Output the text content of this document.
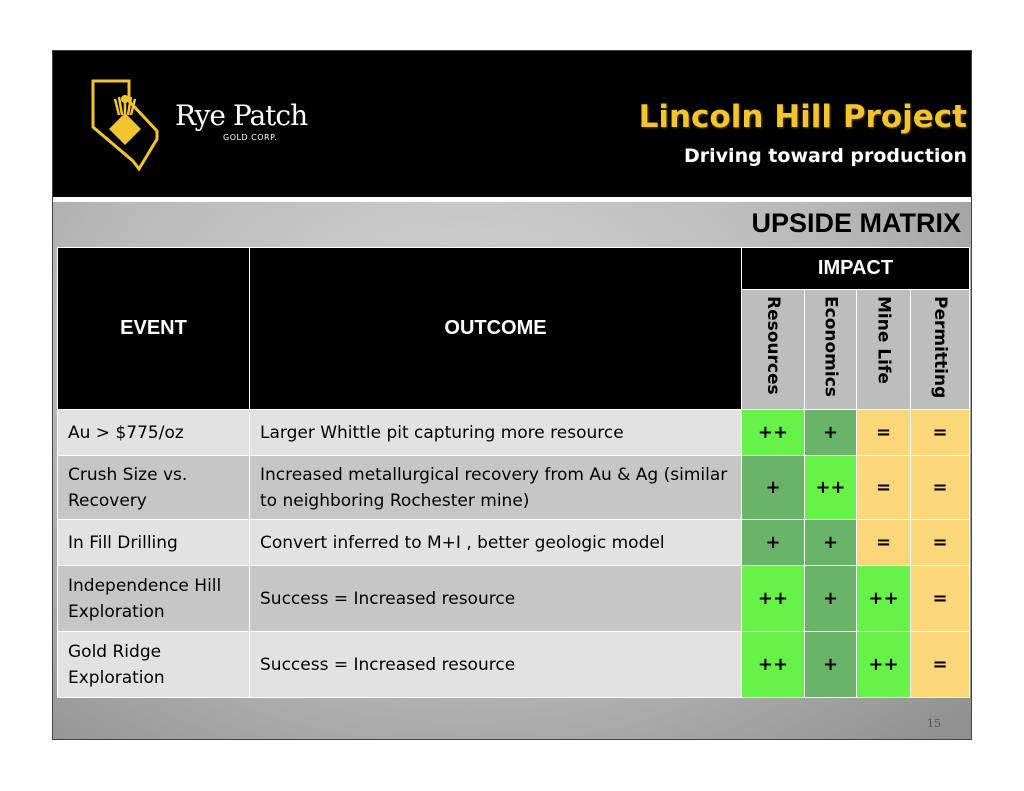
Rye Patch
GOLD CORP.
Lincoln Hill Project
Driving toward production
UPSIDE MATRIX
EVENT	OUTCOME	IMPACT			

		Resources	Economics	Mine Life	Permitting

Au > $775/oz	Larger Whittle pit capturing more resource	++	+	=	=
Crush Size vs. Recovery	Increased metallurgical recovery from Au & Ag (similar to neighboring Rochester mine)	+	++	=	=
In Fill Drilling	Convert inferred to M+I , better geologic model	+	+	=	=
Independence Hill Exploration	Success = Increased resource	++	+	++	=
Gold Ridge Exploration	Success = Increased resource	++	+	++	=
15
